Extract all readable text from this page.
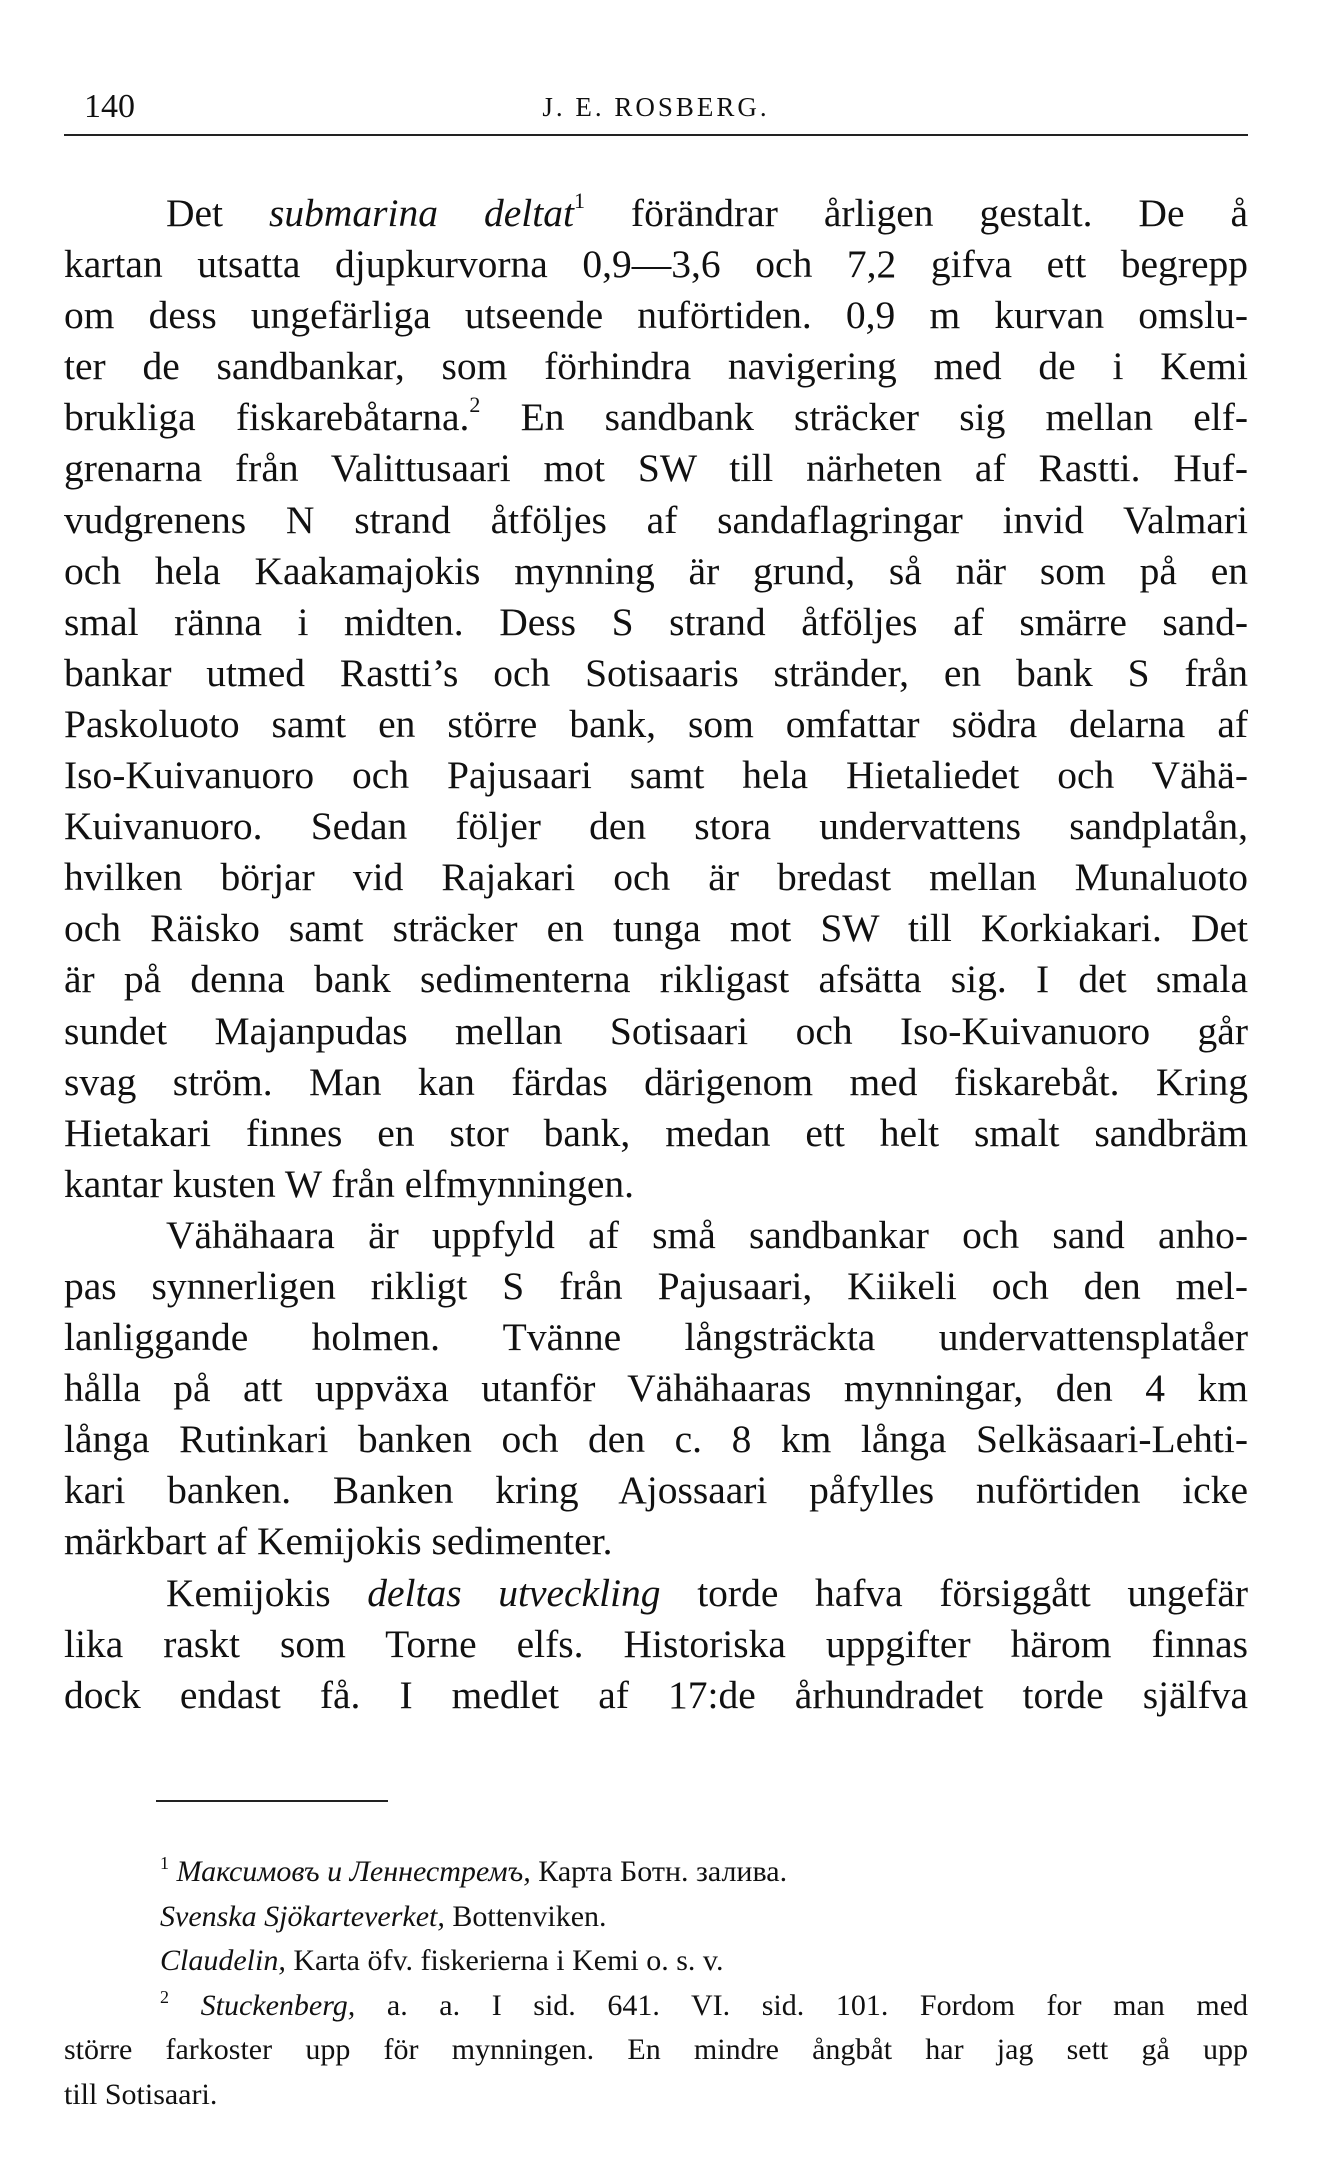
140	J. E. ROSBERG.
Det submarina deltat$^1$ förändrar årligen gestalt. De å
kartan utsatta djupkurvorna 0,9—3,6 och 7,2 gifva ett begrepp
om dess ungefärliga utseende nuförtiden. 0,9 m kurvan omslu-
ter de sandbankar, som förhindra navigering med de i Kemi
brukliga fiskarebåtarna.$^2$ En sandbank sträcker sig mellan elf-
grenarna från Valittusaari mot SW till närheten af Rastti. Huf-
vudgrenens N strand åtföljes af sandaflagringar invid Valmari
och hela Kaakamajokis mynning är grund, så när som på en
smal ränna i midten. Dess S strand åtföljes af smärre sand-
bankar utmed Rastti’s och Sotisaaris stränder, en bank S från
Paskoluoto samt en större bank, som omfattar södra delarna af
Iso-Kuivanuoro och Pajusaari samt hela Hietaliedet och Vähä-
Kuivanuoro. Sedan följer den stora undervattens sandplatån,
hvilken börjar vid Rajakari och är bredast mellan Munaluoto
och Räisko samt sträcker en tunga mot SW till Korkiakari. Det
är på denna bank sedimenterna rikligast afsätta sig. I det smala
sundet Majanpudas mellan Sotisaari och Iso-Kuivanuoro går
svag ström. Man kan färdas därigenom med fiskarebåt. Kring
Hietakari finnes en stor bank, medan ett helt smalt sandbräm
kantar kusten W från elfmynningen.
Vähähaara är uppfyld af små sandbankar och sand anho-
pas synnerligen rikligt S från Pajusaari, Kiikeli och den mel-
lanliggande holmen. Tvänne långsträckta undervattensplatåer
hålla på att uppväxa utanför Vähähaaras mynningar, den 4 km
långa Rutinkari banken och den c. 8 km långa Selkäsaari-Lehti-
kari banken. Banken kring Ajossaari påfylles nuförtiden icke
märkbart af Kemijokis sedimenter.
Kemijokis deltas utveckling torde hafva försiggått ungefär
lika raskt som Torne elfs. Historiska uppgifter härom finnas
dock endast få. I medlet af 17:de århundradet torde själfva
$^1$ Максимовъ и Леннестремъ, Карта Ботн. залива.
Svenska Sjökarteverket, Bottenviken.
Claudelin, Karta öfv. fiskerierna i Kemi o. s. v.
$^2$ Stuckenberg, a. a. I sid. 641. VI. sid. 101. Fordom for man med
större farkoster upp för mynningen. En mindre ångbåt har jag sett gå upp
till Sotisaari.
